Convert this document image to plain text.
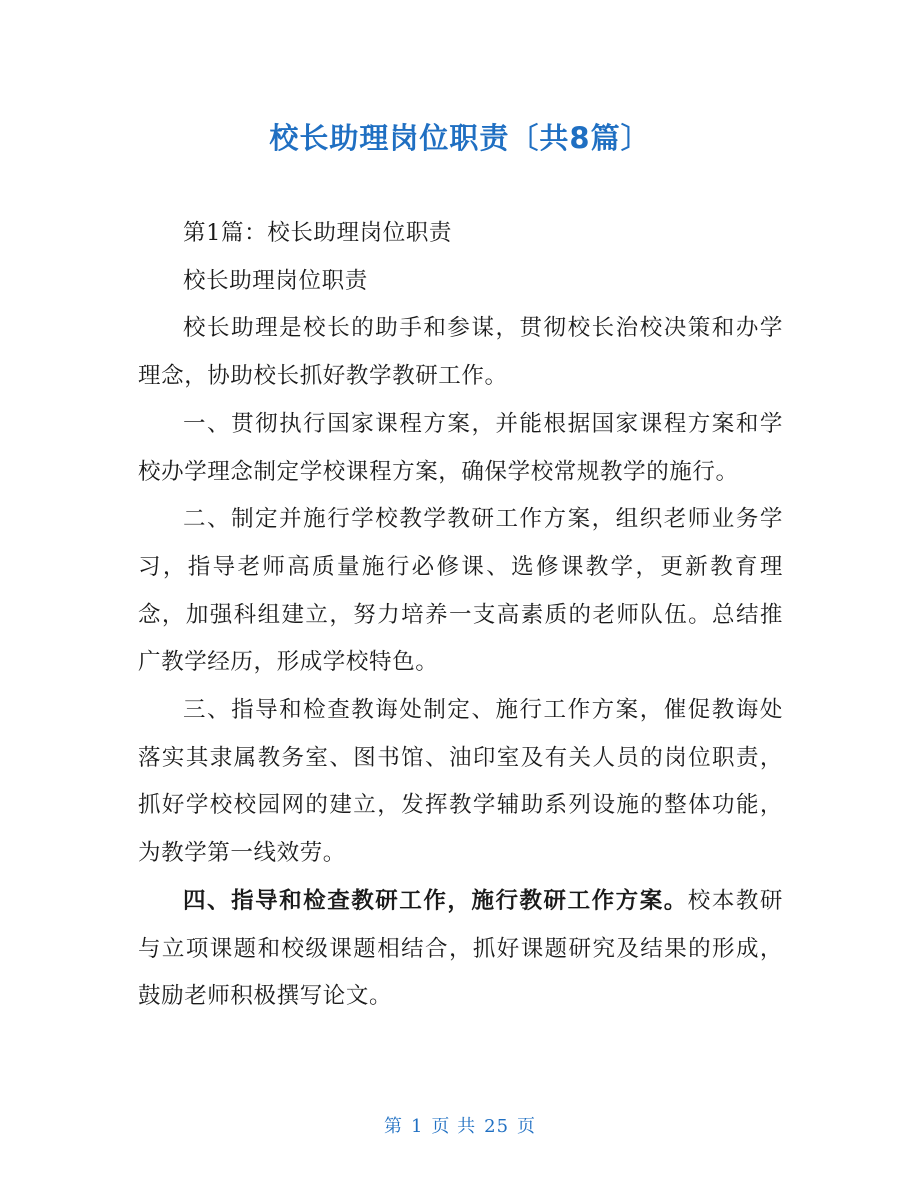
校长助理岗位职责〔共8篇〕

第1篇：校长助理岗位职责

校长助理岗位职责

校长助理是校长的助手和参谋，贯彻校长治校决策和办学理念，协助校长抓好教学教研工作。

一、贯彻执行国家课程方案，并能根据国家课程方案和学校办学理念制定学校课程方案，确保学校常规教学的施行。

二、制定并施行学校教学教研工作方案，组织老师业务学习，指导老师高质量施行必修课、选修课教学，更新教育理念，加强科组建立，努力培养一支高素质的老师队伍。总结推广教学经历，形成学校特色。

三、指导和检查教诲处制定、施行工作方案，催促教诲处落实其隶属教务室、图书馆、油印室及有关人员的岗位职责，抓好学校校园网的建立，发挥教学辅助系列设施的整体功能，为教学第一线效劳。

四、指导和检查教研工作，施行教研工作方案。校本教研与立项课题和校级课题相结合，抓好课题研究及结果的形成，鼓励老师积极撰写论文。

第 1 页 共 25 页
